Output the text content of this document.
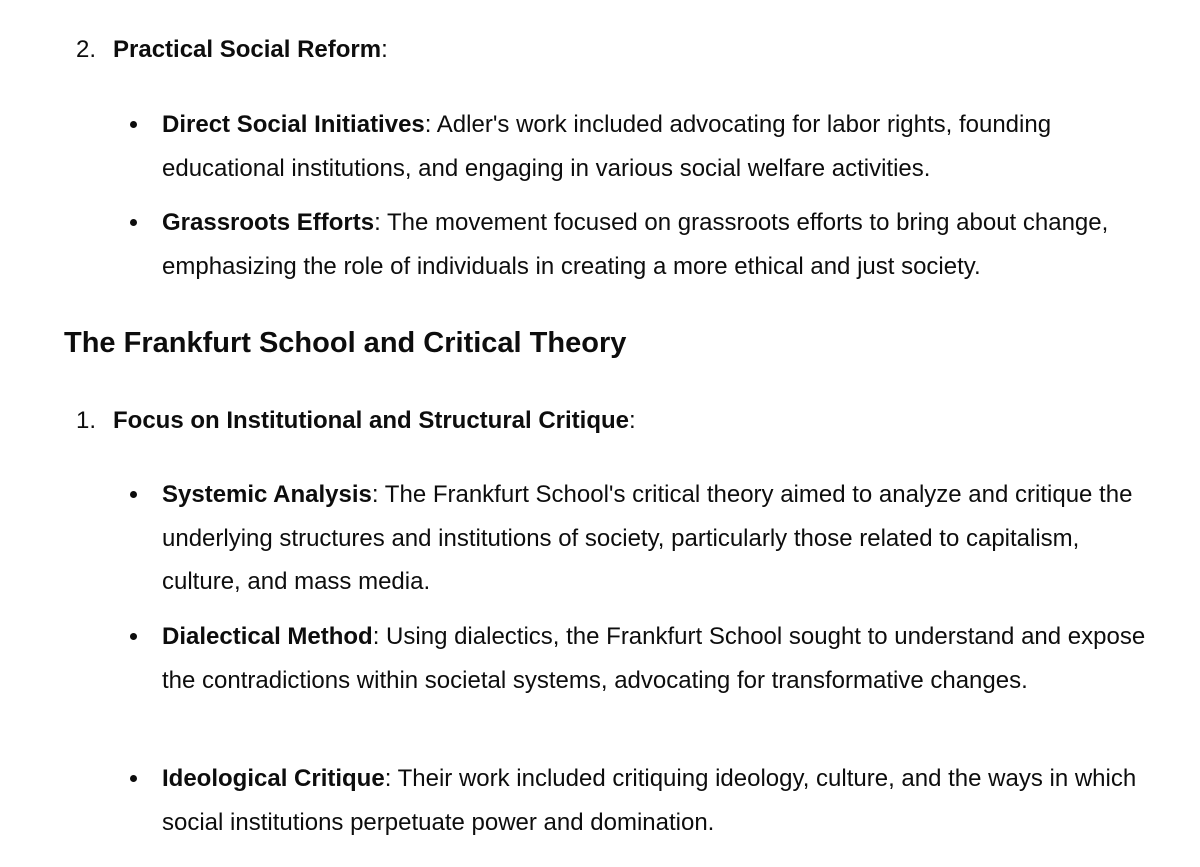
2. Practical Social Reform:
Direct Social Initiatives: Adler's work included advocating for labor rights, founding educational institutions, and engaging in various social welfare activities.
Grassroots Efforts: The movement focused on grassroots efforts to bring about change, emphasizing the role of individuals in creating a more ethical and just society.
The Frankfurt School and Critical Theory
1. Focus on Institutional and Structural Critique:
Systemic Analysis: The Frankfurt School's critical theory aimed to analyze and critique the underlying structures and institutions of society, particularly those related to capitalism, culture, and mass media.
Dialectical Method: Using dialectics, the Frankfurt School sought to understand and expose the contradictions within societal systems, advocating for transformative changes.
Ideological Critique: Their work included critiquing ideology, culture, and the ways in which social institutions perpetuate power and domination.
